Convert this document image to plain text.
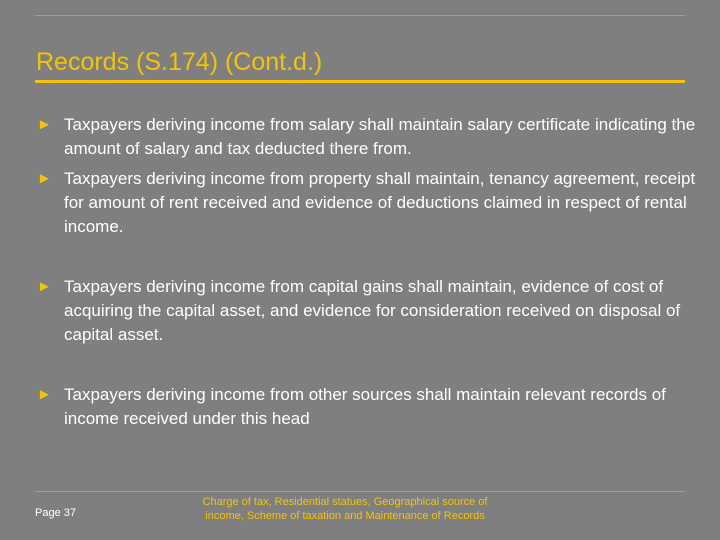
Records (S.174) (Cont.d.)
► Taxpayers deriving income from salary shall maintain salary certificate indicating the amount of salary and tax deducted there from.
► Taxpayers deriving income from property shall maintain, tenancy agreement, receipt for amount of rent received and evidence of deductions claimed in respect of rental income.
► Taxpayers deriving income from capital gains shall maintain, evidence of cost of acquiring the capital asset, and evidence for consideration received on disposal of capital asset.
► Taxpayers deriving income from other sources shall maintain relevant records of income received under this head
Page 37
Charge of tax, Residential statues, Geographical source of
income, Scheme of taxation and Maintenance of Records
